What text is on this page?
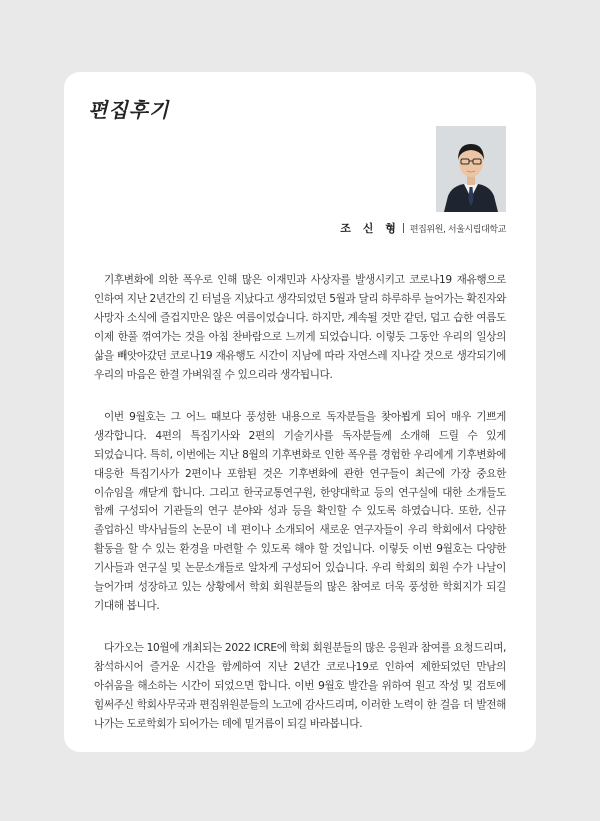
편집후기
조 신 형 편집위원, 서울시립대학교

기후변화에 의한 폭우로 인해 많은 이재민과 사상자를 발생시키고 코로나19 재유행으로 인하여 지난 2년간의 긴 터널을 지났다고 생각되었던 5월과 달리 하루하루 늘어가는 확진자와 사망자 소식에 즐겁지만은 않은 여름이었습니다. 하지만, 계속될 것만 같던, 덥고 습한 여름도 이제 한풀 꺾여가는 것을 아침 찬바람으로 느끼게 되었습니다. 이렇듯 그동안 우리의 일상의 삶을 빼앗아갔던 코로나19 재유행도 시간이 지남에 따라 자연스레 지나갈 것으로 생각되기에 우리의 마음은 한결 가벼워질 수 있으리라 생각됩니다.

이번 9월호는 그 어느 때보다 풍성한 내용으로 독자분들을 찾아뵙게 되어 매우 기쁘게 생각합니다. 4편의 특집기사와 2편의 기술기사를 독자분들께 소개해 드릴 수 있게 되었습니다. 특히, 이번에는 지난 8월의 기후변화로 인한 폭우를 경험한 우리에게 기후변화에 대응한 특집기사가 2편이나 포함된 것은 기후변화에 관한 연구들이 최근에 가장 중요한 이슈임을 깨닫게 합니다. 그리고 한국교통연구원, 한양대학교 등의 연구실에 대한 소개들도 함께 구성되어 기관들의 연구 분야와 성과 등을 확인할 수 있도록 하였습니다. 또한, 신규 졸업하신 박사님들의 논문이 네 편이나 소개되어 새로운 연구자들이 우리 학회에서 다양한 활동을 할 수 있는 환경을 마련할 수 있도록 해야 할 것입니다. 이렇듯 이번 9월호는 다양한 기사들과 연구실 및 논문소개들로 알차게 구성되어 있습니다. 우리 학회의 회원 수가 나날이 늘어가며 성장하고 있는 상황에서 학회 회원분들의 많은 참여로 더욱 풍성한 학회지가 되길 기대해 봅니다.

다가오는 10월에 개최되는 2022 ICRE에 학회 회원분들의 많은 응원과 참여를 요청드리며, 참석하시어 즐거운 시간을 함께하여 지난 2년간 코로나19로 인하여 제한되었던 만남의 아쉬움을 해소하는 시간이 되었으면 합니다. 이번 9월호 발간을 위하여 원고 작성 및 검토에 힘써주신 학회사무국과 편집위원분들의 노고에 감사드리며, 이러한 노력이 한 걸음 더 발전해 나가는 도로학회가 되어가는 데에 밑거름이 되길 바라봅니다.
